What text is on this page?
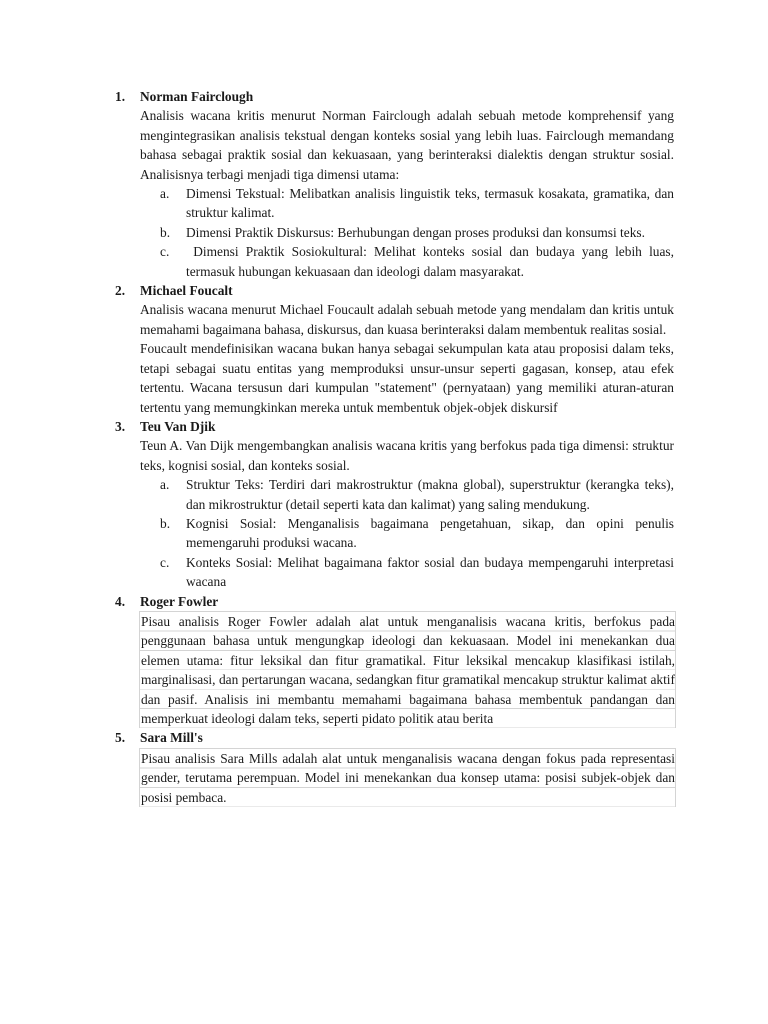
1.	Norman Fairclough
Analisis wacana kritis menurut Norman Fairclough adalah sebuah metode komprehensif yang mengintegrasikan analisis tekstual dengan konteks sosial yang lebih luas. Fairclough memandang bahasa sebagai praktik sosial dan kekuasaan, yang berinteraksi dialektis dengan struktur sosial. Analisisnya terbagi menjadi tiga dimensi utama:
a.	Dimensi Tekstual: Melibatkan analisis linguistik teks, termasuk kosakata, gramatika, dan struktur kalimat.
b.	Dimensi Praktik Diskursus: Berhubungan dengan proses produksi dan konsumsi teks.
c.	Dimensi Praktik Sosiokultural: Melihat konteks sosial dan budaya yang lebih luas, termasuk hubungan kekuasaan dan ideologi dalam masyarakat.
2.	Michael Foucalt
Analisis wacana menurut Michael Foucault adalah sebuah metode yang mendalam dan kritis untuk memahami bagaimana bahasa, diskursus, dan kuasa berinteraksi dalam membentuk realitas sosial.
Foucault mendefinisikan wacana bukan hanya sebagai sekumpulan kata atau proposisi dalam teks, tetapi sebagai suatu entitas yang memproduksi unsur-unsur seperti gagasan, konsep, atau efek tertentu. Wacana tersusun dari kumpulan "statement" (pernyataan) yang memiliki aturan-aturan tertentu yang memungkinkan mereka untuk membentuk objek-objek diskursif
3.	Teu Van Djik
Teun A. Van Dijk mengembangkan analisis wacana kritis yang berfokus pada tiga dimensi: struktur teks, kognisi sosial, dan konteks sosial.
a.	Struktur Teks: Terdiri dari makrostruktur (makna global), superstruktur (kerangka teks), dan mikrostruktur (detail seperti kata dan kalimat) yang saling mendukung.
b.	Kognisi Sosial: Menganalisis bagaimana pengetahuan, sikap, dan opini penulis memengaruhi produksi wacana.
c.	Konteks Sosial: Melihat bagaimana faktor sosial dan budaya mempengaruhi interpretasi wacana
4.	Roger Fowler
Pisau analisis Roger Fowler adalah alat untuk menganalisis wacana kritis, berfokus pada penggunaan bahasa untuk mengungkap ideologi dan kekuasaan. Model ini menekankan dua elemen utama: fitur leksikal dan fitur gramatikal. Fitur leksikal mencakup klasifikasi istilah, marginalisasi, dan pertarungan wacana, sedangkan fitur gramatikal mencakup struktur kalimat aktif dan pasif. Analisis ini membantu memahami bagaimana bahasa membentuk pandangan dan memperkuat ideologi dalam teks, seperti pidato politik atau berita
5.	Sara Mill's
Pisau analisis Sara Mills adalah alat untuk menganalisis wacana dengan fokus pada representasi gender, terutama perempuan. Model ini menekankan dua konsep utama: posisi subjek-objek dan posisi pembaca.
